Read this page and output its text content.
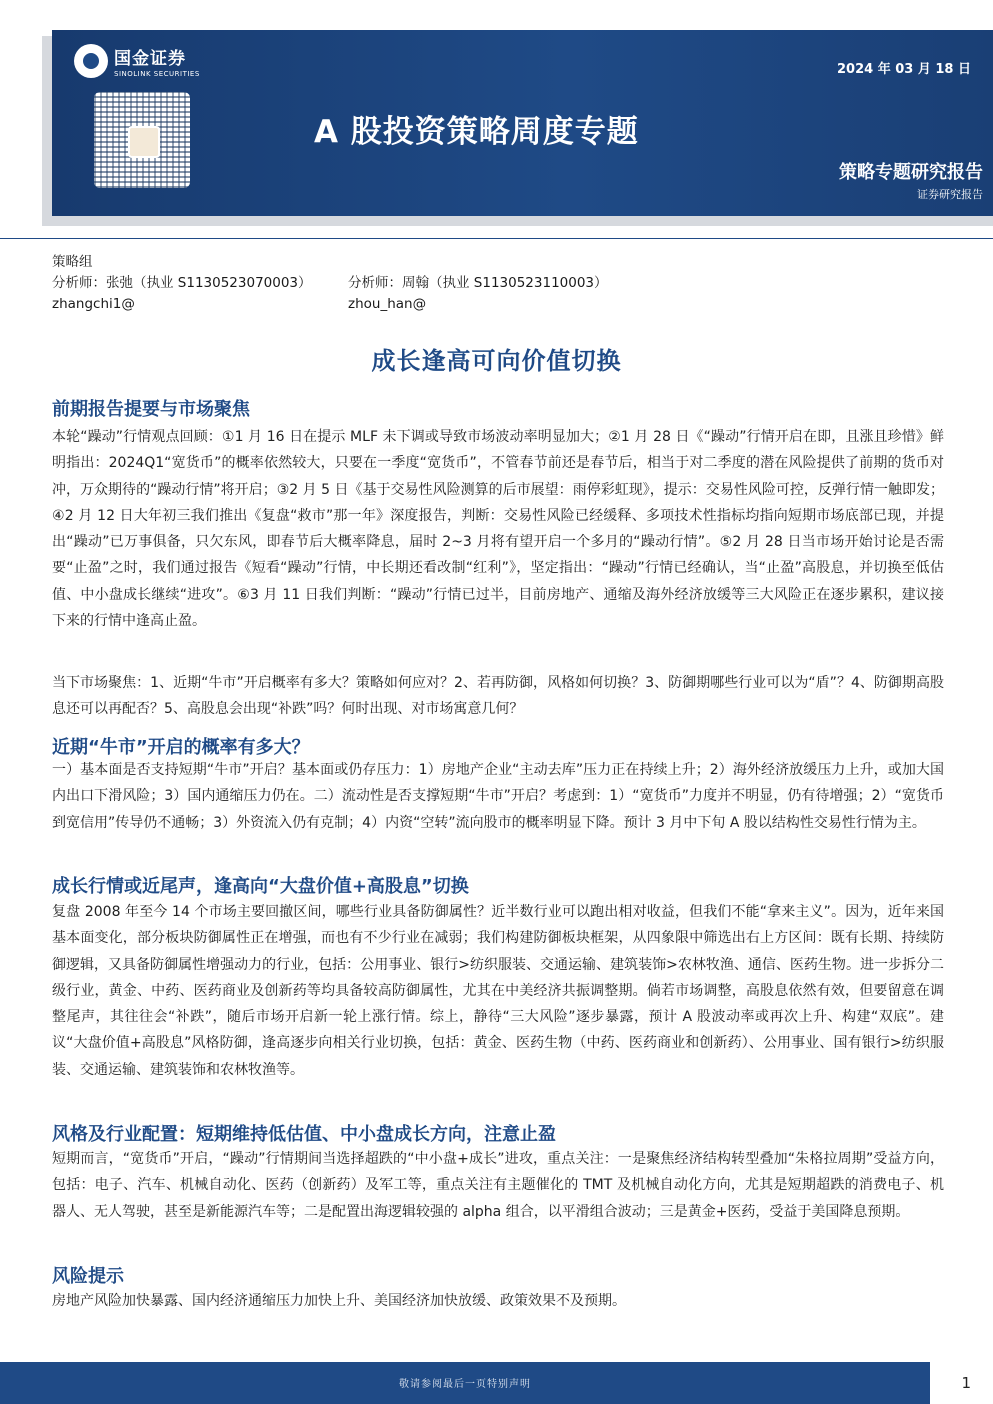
国金证券
SINOLINK SECURITIES	2024 年 03 月 18 日
A 股投资策略周度专题
策略专题研究报告
证券研究报告
策略组
分析师：张弛（执业 S1130523070003）
zhangchi1@
分析师：周翰（执业 S1130523110003）
zhou_han@
成长逢高可向价值切换
前期报告提要与市场聚焦
本轮“躁动”行情观点回顾：①1 月 16 日在提示 MLF 未下调或导致市场波动率明显加大；②1 月 28 日《“躁动”行情开启在即，且涨且珍惜》鲜明指出：2024Q1“宽货币”的概率依然较大，只要在一季度“宽货币”，不管春节前还是春节后，相当于对二季度的潜在风险提供了前期的货币对冲，万众期待的“躁动行情”将开启；③2 月 5 日《基于交易性风险测算的后市展望：雨停彩虹现》，提示：交易性风险可控，反弹行情一触即发；④2 月 12 日大年初三我们推出《复盘“救市”那一年》深度报告，判断：交易性风险已经缓释、多项技术性指标均指向短期市场底部已现，并提出“躁动”已万事俱备，只欠东风，即春节后大概率降息，届时 2~3 月将有望开启一个多月的“躁动行情”。⑤2 月 28 日当市场开始讨论是否需要“止盈”之时，我们通过报告《短看“躁动”行情，中长期还看改制“红利”》，坚定指出：“躁动”行情已经确认，当“止盈”高股息，并切换至低估值、中小盘成长继续“进攻”。⑥3 月 11 日我们判断：“躁动”行情已过半，目前房地产、通缩及海外经济放缓等三大风险正在逐步累积，建议接下来的行情中逢高止盈。
当下市场聚焦：1、近期“牛市”开启概率有多大？策略如何应对？2、若再防御，风格如何切换？3、防御期哪些行业可以为“盾”？4、防御期高股息还可以再配否？5、高股息会出现“补跌”吗？何时出现、对市场寓意几何？
近期“牛市”开启的概率有多大？
一）基本面是否支持短期“牛市”开启？基本面或仍存压力：1）房地产企业“主动去库”压力正在持续上升；2）海外经济放缓压力上升，或加大国内出口下滑风险；3）国内通缩压力仍在。二）流动性是否支撑短期“牛市”开启？考虑到：1）“宽货币”力度并不明显，仍有待增强；2）“宽货币到宽信用”传导仍不通畅；3）外资流入仍有克制；4）内资“空转”流向股市的概率明显下降。预计 3 月中下旬 A 股以结构性交易性行情为主。
成长行情或近尾声，逢高向“大盘价值+高股息”切换
复盘 2008 年至今 14 个市场主要回撤区间，哪些行业具备防御属性？近半数行业可以跑出相对收益，但我们不能“拿来主义”。因为，近年来国基本面变化，部分板块防御属性正在增强，而也有不少行业在减弱；我们构建防御板块框架，从四象限中筛选出右上方区间：既有长期、持续防御逻辑，又具备防御属性增强动力的行业，包括：公用事业、银行>纺织服装、交通运输、建筑装饰>农林牧渔、通信、医药生物。进一步拆分二级行业，黄金、中药、医药商业及创新药等均具备较高防御属性，尤其在中美经济共振调整期。倘若市场调整，高股息依然有效，但要留意在调整尾声，其往往会“补跌”，随后市场开启新一轮上涨行情。综上，静待“三大风险”逐步暴露，预计 A 股波动率或再次上升、构建“双底”。建议“大盘价值+高股息”风格防御，逢高逐步向相关行业切换，包括：黄金、医药生物（中药、医药商业和创新药）、公用事业、国有银行>纺织服装、交通运输、建筑装饰和农林牧渔等。
风格及行业配置：短期维持低估值、中小盘成长方向，注意止盈
短期而言，“宽货币”开启，“躁动”行情期间当选择超跌的“中小盘+成长”进攻，重点关注：一是聚焦经济结构转型叠加“朱格拉周期”受益方向，包括：电子、汽车、机械自动化、医药（创新药）及军工等，重点关注有主题催化的 TMT 及机械自动化方向，尤其是短期超跌的消费电子、机器人、无人驾驶，甚至是新能源汽车等；二是配置出海逻辑较强的 alpha 组合，以平滑组合波动；三是黄金+医药，受益于美国降息预期。
风险提示
房地产风险加快暴露、国内经济通缩压力加快上升、美国经济加快放缓、政策效果不及预期。
敬请参阅最后一页特别声明	1
